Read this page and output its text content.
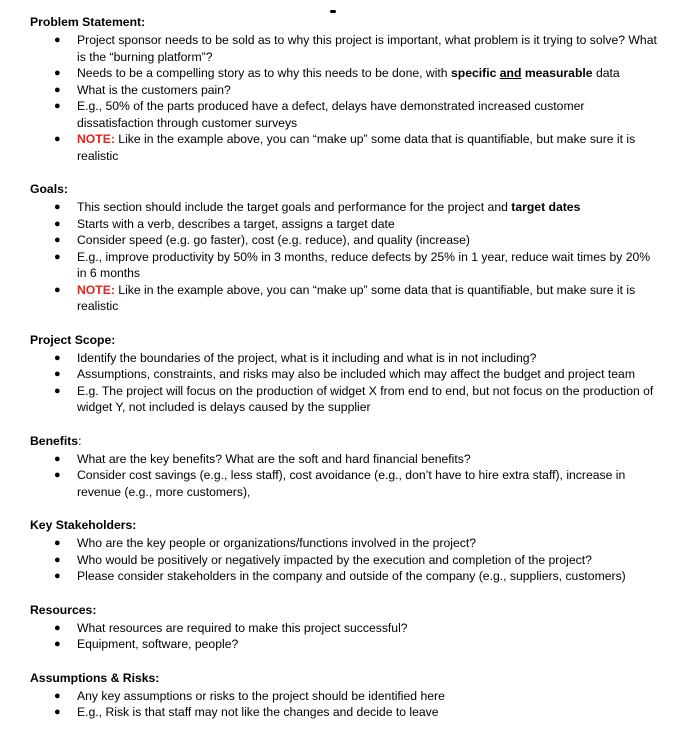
Problem Statement:
● Project sponsor needs to be sold as to why this project is important, what problem is it trying to solve? What is the “burning platform”?
● Needs to be a compelling story as to why this needs to be done, with specific and measurable data
● What is the customers pain?
● E.g., 50% of the parts produced have a defect, delays have demonstrated increased customer dissatisfaction through customer surveys
● NOTE: Like in the example above, you can “make up” some data that is quantifiable, but make sure it is realistic
Goals:
● This section should include the target goals and performance for the project and target dates
● Starts with a verb, describes a target, assigns a target date
● Consider speed (e.g. go faster), cost (e.g. reduce), and quality (increase)
● E.g., improve productivity by 50% in 3 months, reduce defects by 25% in 1 year, reduce wait times by 20% in 6 months
● NOTE: Like in the example above, you can “make up” some data that is quantifiable, but make sure it is realistic
Project Scope:
● Identify the boundaries of the project, what is it including and what is in not including?
● Assumptions, constraints, and risks may also be included which may affect the budget and project team
● E.g. The project will focus on the production of widget X from end to end, but not focus on the production of widget Y, not included is delays caused by the supplier
Benefits:
● What are the key benefits? What are the soft and hard financial benefits?
● Consider cost savings (e.g., less staff), cost avoidance (e.g., don’t have to hire extra staff), increase in revenue (e.g., more customers),
Key Stakeholders:
● Who are the key people or organizations/functions involved in the project?
● Who would be positively or negatively impacted by the execution and completion of the project?
● Please consider stakeholders in the company and outside of the company (e.g., suppliers, customers)
Resources:
● What resources are required to make this project successful?
● Equipment, software, people?
Assumptions & Risks:
● Any key assumptions or risks to the project should be identified here
● E.g., Risk is that staff may not like the changes and decide to leave
